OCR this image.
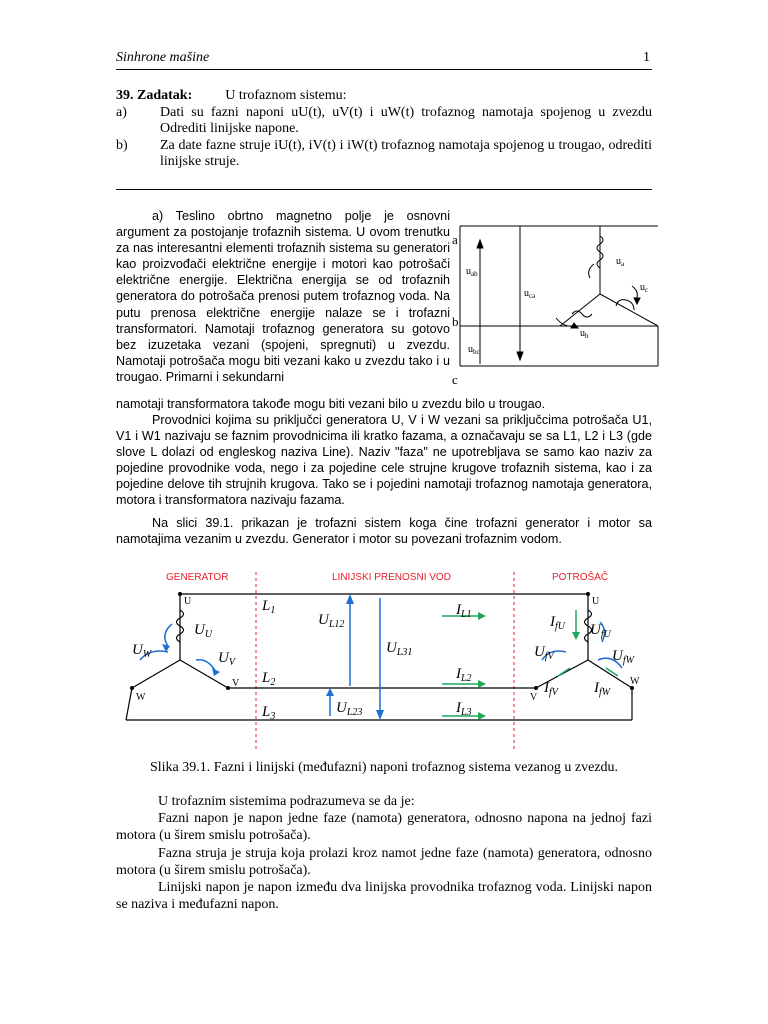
Sinhrone mašine	1
39. Zadatak: U trofaznom sistemu:
a) Dati su fazni naponi uU(t), uV(t) i uW(t) trofaznog namotaja spojenog u zvezdu Odrediti linijske napone.
b) Za date fazne struje iU(t), iV(t) i iW(t) trofaznog namotaja spojenog u trougao, odrediti linijske struje.
a) Teslino obrtno magnetno polje je osnovni argument za postojanje trofaznih sistema. U ovom trenutku za nas interesantni elementi trofaznih sistema su generatori kao proizvođači električne energije i motori kao potrošači električne energije. Električna energija se od trofaznih generatora do potrošača prenosi putem trofaznog voda. Na putu prenosa električne energije nalaze se i trofazni transformatori. Namotaji trofaznog generatora su gotovo bez izuzetaka vezani (spojeni, spregnuti) u zvezdu. Namotaji potrošača mogu biti vezani kako u zvezdu tako i u trougao. Primarni i sekundarni
namotaji transformatora takođe mogu biti vezani bilo u zvezdu bilo u trougao.
a
b
c
$u_{ab}$
$u_{ca}$
$u_{bc}$
$u_a$
$u_b$
$u_c$
Provodnici kojima su priključci generatora U, V i W vezani sa priključcima potrošača U1, V1 i W1 nazivaju se faznim provodnicima ili kratko fazama, a označavaju se sa L1, L2 i L3 (gde slove L dolazi od engleskog naziva Line). Naziv "faza" ne upotrebljava se samo kao naziv za pojedine provodnike voda, nego i za pojedine cele strujne krugove trofaznih sistema, kao i za pojedine delove tih strujnih krugova. Tako se i pojedini namotaji trofaznog namotaja generatora, motora i transformatora nazivaju fazama.
Na slici 39.1. prikazan je trofazni sistem koga čine trofazni generator i motor sa namotajima vezanim u zvezdu. Generator i motor su povezani trofaznim vodom.
GENERATOR	LINIJSKI PRENOSNI VOD	POTROŠAČ
U
V
W
U
V
W
$U_U$
$U_V$
$U_W$
$L_1$
$L_2$
$L_3$
$U_{L12}$
$U_{L31}$
$U_{L23}$
$I_{L1}$
$I_{L2}$
$I_{L3}$
$I_{fU}$ $U_{fU}$
$U_{fV}$
$I_{fV}$
$U_{fW}$
$I_{fW}$
Slika 39.1. Fazni i linijski (međufazni) naponi trofaznog sistema vezanog u zvezdu.
U trofaznim sistemima podrazumeva se da je:
Fazni napon je napon jedne faze (namota) generatora, odnosno napona na jednoj fazi motora (u širem smislu potrošača).
Fazna struja je struja koja prolazi kroz namot jedne faze (namota) generatora, odnosno motora (u širem smislu potrošača).
Linijski napon je napon između dva linijska provodnika trofaznog voda. Linijski napon se naziva i međufazni napon.
